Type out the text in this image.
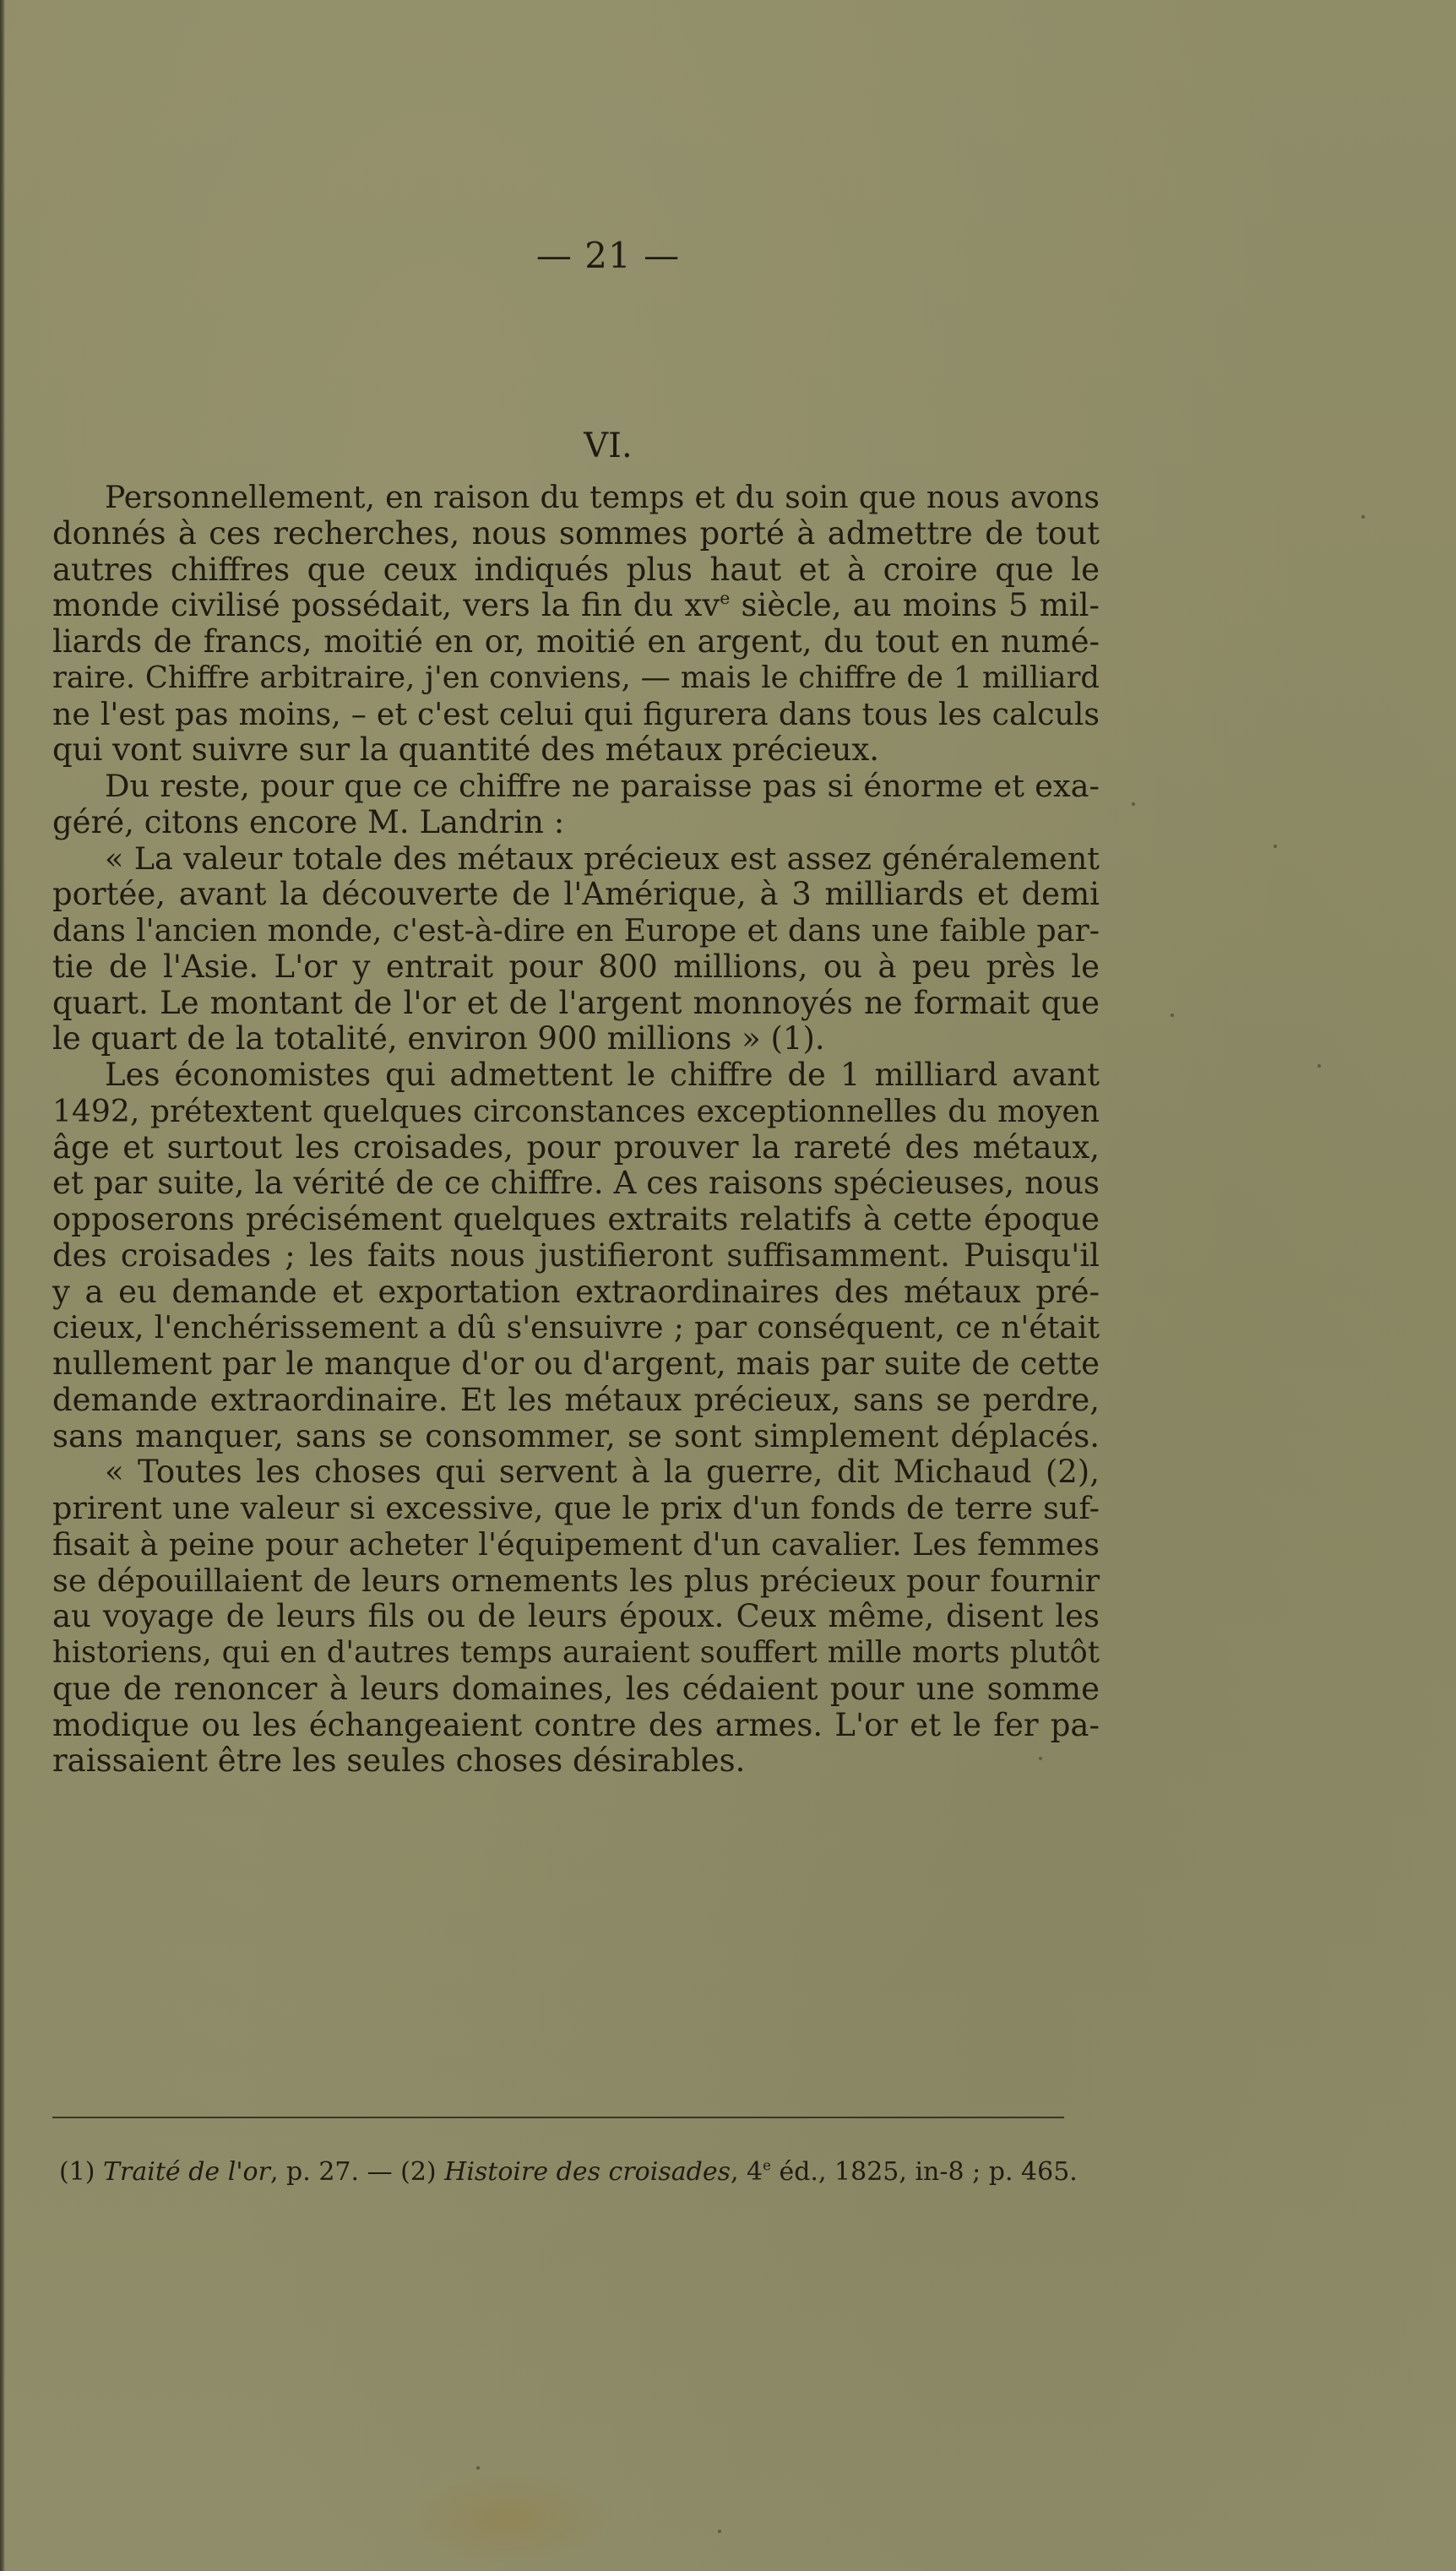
— 21 —
VI.
Personnellement, en raison du temps et du soin que nous avons
donnés à ces recherches, nous sommes porté à admettre de tout
autres chiffres que ceux indiqués plus haut et à croire que le
monde civilisé possédait, vers la fin du $xv^e$ siècle, au moins 5 mil-
liards de francs, moitié en or, moitié en argent, du tout en numé-
raire. Chiffre arbitraire, j'en conviens, — mais le chiffre de 1 milliard
ne l'est pas moins, – et c'est celui qui figurera dans tous les calculs
qui vont suivre sur la quantité des métaux précieux.
Du reste, pour que ce chiffre ne paraisse pas si énorme et exa-
géré, citons encore M. Landrin :
« La valeur totale des métaux précieux est assez généralement
portée, avant la découverte de l'Amérique, à 3 milliards et demi
dans l'ancien monde, c'est-à-dire en Europe et dans une faible par-
tie de l'Asie. L'or y entrait pour 800 millions, ou à peu près le
quart. Le montant de l'or et de l'argent monnoyés ne formait que
le quart de la totalité, environ 900 millions » (1).
Les économistes qui admettent le chiffre de 1 milliard avant
1492, prétextent quelques circonstances exceptionnelles du moyen
âge et surtout les croisades, pour prouver la rareté des métaux,
et par suite, la vérité de ce chiffre. A ces raisons spécieuses, nous
opposerons précisément quelques extraits relatifs à cette époque
des croisades ; les faits nous justifieront suffisamment. Puisqu'il
y a eu demande et exportation extraordinaires des métaux pré-
cieux, l'enchérissement a dû s'ensuivre ; par conséquent, ce n'était
nullement par le manque d'or ou d'argent, mais par suite de cette
demande extraordinaire. Et les métaux précieux, sans se perdre,
sans manquer, sans se consommer, se sont simplement déplacés.
« Toutes les choses qui servent à la guerre, dit Michaud (2),
prirent une valeur si excessive, que le prix d'un fonds de terre suf-
fisait à peine pour acheter l'équipement d'un cavalier. Les femmes
se dépouillaient de leurs ornements les plus précieux pour fournir
au voyage de leurs fils ou de leurs époux. Ceux même, disent les
historiens, qui en d'autres temps auraient souffert mille morts plutôt
que de renoncer à leurs domaines, les cédaient pour une somme
modique ou les échangeaient contre des armes. L'or et le fer pa-
raissaient être les seules choses désirables.
(1) Traité de l'or, p. 27. — (2) Histoire des croisades, 4e éd., 1825, in-8 ; p. 465.
